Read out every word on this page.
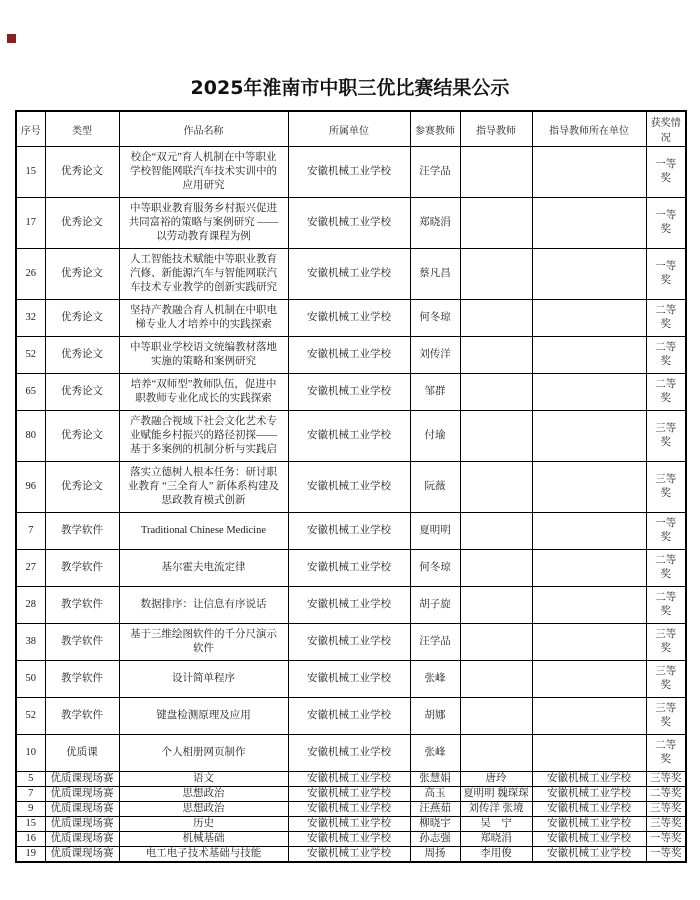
2025年淮南市中职三优比赛结果公示
序号	类型	作品名称	所属单位	参赛教师	指导教师	指导教师所在单位	获奖情况
15	优秀论文	校企“双元”育人机制在中等职业学校智能网联汽车技术实训中的应用研究	安徽机械工业学校	汪学品			一等奖
17	优秀论文	中等职业教育服务乡村振兴促进共同富裕的策略与案例研究 ——以劳动教育课程为例	安徽机械工业学校	郑晓涓			一等奖
26	优秀论文	人工智能技术赋能中等职业教育汽修、新能源汽车与智能网联汽车技术专业教学的创新实践研究	安徽机械工业学校	蔡凡昌			一等奖
32	优秀论文	坚持产教融合育人机制在中职电梯专业人才培养中的实践探索	安徽机械工业学校	何冬琼			二等奖
52	优秀论文	中等职业学校语文统编教材落地实施的策略和案例研究	安徽机械工业学校	刘传洋			二等奖
65	优秀论文	培养“双师型”教师队伍，促进中职教师专业化成长的实践探索	安徽机械工业学校	邹群			二等奖
80	优秀论文	产教融合视域下社会文化艺术专业赋能乡村振兴的路径初探——基于多案例的机制分析与实践启	安徽机械工业学校	付瑜			三等奖
96	优秀论文	落实立德树人根本任务：研讨职业教育 “三全育人” 新体系构建及思政教育模式创新	安徽机械工业学校	阮薇			三等奖
7	教学软件	Traditional Chinese Medicine	安徽机械工业学校	夏明明			一等奖
27	教学软件	基尔霍夫电流定律	安徽机械工业学校	何冬琼			二等奖
28	教学软件	数据排序：让信息有序说话	安徽机械工业学校	胡子旋			二等奖
38	教学软件	基于三维绘图软件的千分尺演示软件	安徽机械工业学校	汪学品			三等奖
50	教学软件	设计简单程序	安徽机械工业学校	张峰			三等奖
52	教学软件	键盘检测原理及应用	安徽机械工业学校	胡娜			三等奖
10	优质课	个人相册网页制作	安徽机械工业学校	张峰			二等奖
5	优质课现场赛	语文	安徽机械工业学校	张慧娟	唐玲	安徽机械工业学校	三等奖
7	优质课现场赛	思想政治	安徽机械工业学校	高玉	夏明明 魏琛琛	安徽机械工业学校	二等奖
9	优质课现场赛	思想政治	安徽机械工业学校	汪燕茹	刘传洋 张境	安徽机械工业学校	三等奖
15	优质课现场赛	历史	安徽机械工业学校	柳晓宇	吴　宁	安徽机械工业学校	三等奖
16	优质课现场赛	机械基础	安徽机械工业学校	孙志强	郑晓涓	安徽机械工业学校	一等奖
19	优质课现场赛	电工电子技术基础与技能	安徽机械工业学校	周扬	李用俊	安徽机械工业学校	一等奖
